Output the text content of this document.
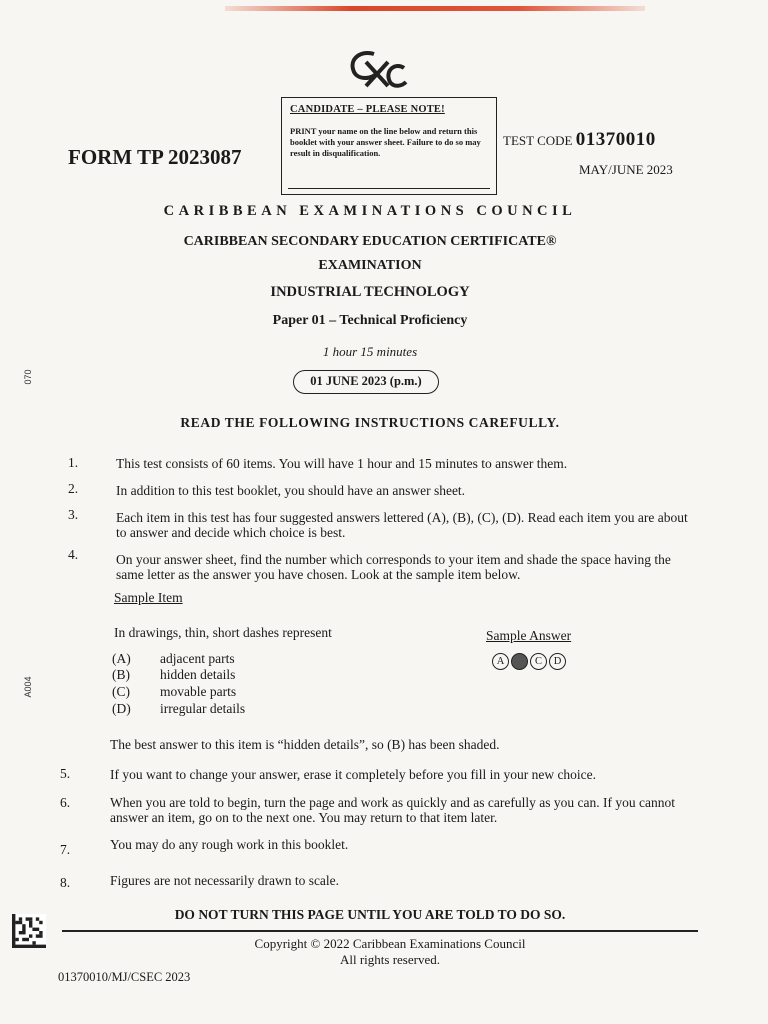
CANDIDATE – PLEASE NOTE!
PRINT your name on the line below and return this booklet with your answer sheet. Failure to do so may result in disqualification.
FORM TP 2023087
TEST CODE 01370010
MAY/JUNE 2023
CARIBBEAN EXAMINATIONS COUNCIL
CARIBBEAN SECONDARY EDUCATION CERTIFICATE®
EXAMINATION
INDUSTRIAL TECHNOLOGY
Paper 01 – Technical Proficiency
1 hour 15 minutes
01 JUNE 2023 (p.m.)
READ THE FOLLOWING INSTRUCTIONS CAREFULLY.
1.	This test consists of 60 items. You will have 1 hour and 15 minutes to answer them.
2.	In addition to this test booklet, you should have an answer sheet.
3.	Each item in this test has four suggested answers lettered (A), (B), (C), (D). Read each item you are about to answer and decide which choice is best.
4.	On your answer sheet, find the number which corresponds to your item and shade the space having the same letter as the answer you have chosen. Look at the sample item below.
Sample Item
In drawings, thin, short dashes represent
(A) adjacent parts
(B) hidden details
(C) movable parts
(D) irregular details
Sample Answer
A	C D
The best answer to this item is “hidden details”, so (B) has been shaded.
5.	If you want to change your answer, erase it completely before you fill in your new choice.
6.	When you are told to begin, turn the page and work as quickly and as carefully as you can. If you cannot answer an item, go on to the next one. You may return to that item later.
7.	You may do any rough work in this booklet.
8.	Figures are not necessarily drawn to scale.
DO NOT TURN THIS PAGE UNTIL YOU ARE TOLD TO DO SO.
Copyright © 2022 Caribbean Examinations Council
All rights reserved.
01370010/MJ/CSEC 2023
070
A004
